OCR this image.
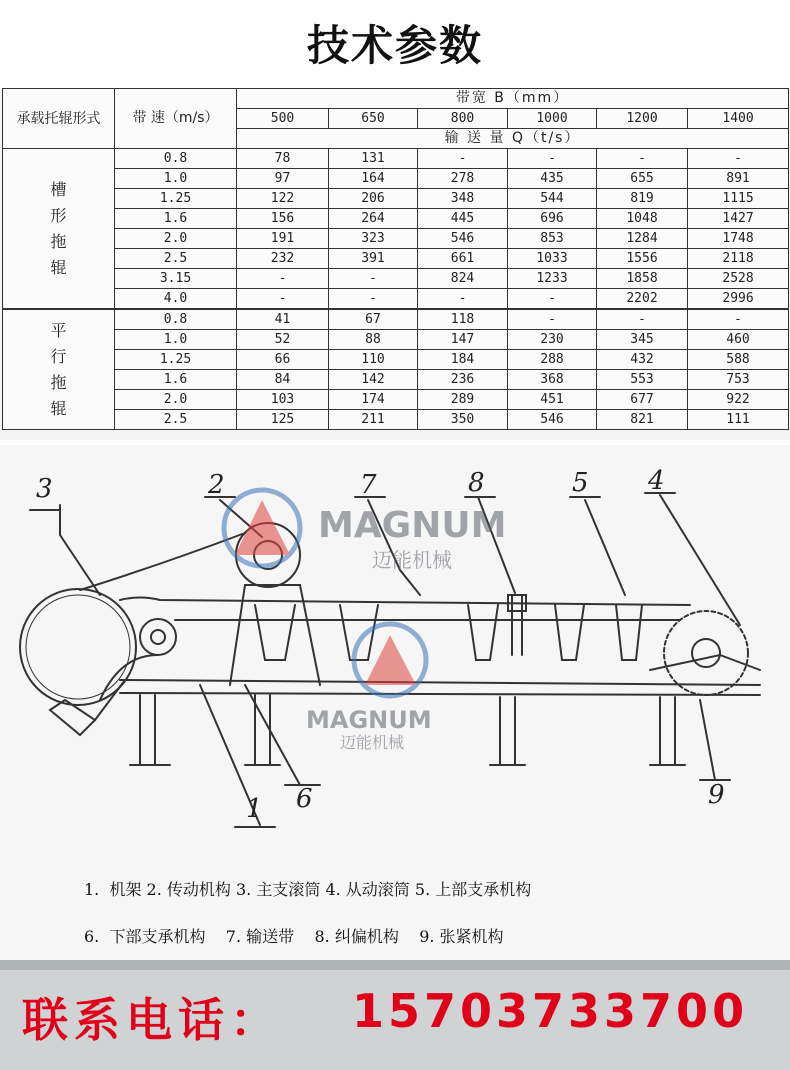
技术参数
承载托辊形式	带 速（m/s）	带宽 B（mm）					
		500	650	800	1000	1200	1400
		输 送 量 Q（t/s）					
槽形拖辊	0.8	78	131	-	-	-	-
	1.0	97	164	278	435	655	891
	1.25	122	206	348	544	819	1115
	1.6	156	264	445	696	1048	1427
	2.0	191	323	546	853	1284	1748
	2.5	232	391	661	1033	1556	2118
	3.15	-	-	824	1233	1858	2528
	4.0	-	-	-	-	2202	2996
平行拖辊	0.8	41	67	118	-	-	-
	1.0	52	88	147	230	345	460
	1.25	66	110	184	288	432	588
	1.6	84	142	236	368	553	753
	2.0	103	174	289	451	677	922
	2.5	125	211	350	546	821	111
3	2	7	8	5 4
1 6	9
MAGNUM
迈能机械
MAGNUM
迈能机械
1.  机架 2. 传动机构 3. 主支滚筒 4. 从动滚筒 5. 上部支承机构
6.  下部支承机构 7. 输送带 8. 纠偏机构 9. 张紧机构
联系电话： 15703733700
